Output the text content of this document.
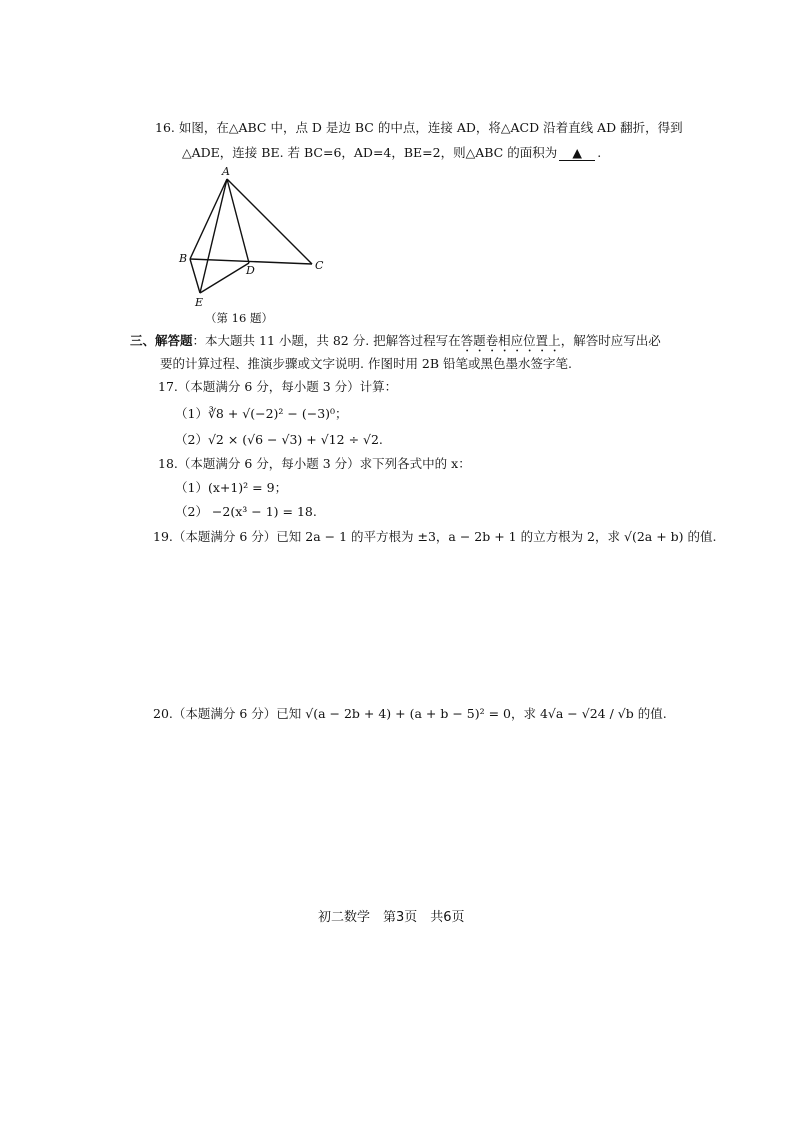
16. 如图，在△ABC 中，点 D 是边 BC 的中点，连接 AD，将△ACD 沿着直线 AD 翻折，得到
△ADE，连接 BE. 若 BC=6，AD=4，BE=2，则△ABC 的面积为 ▲ .
A
B
C
D
E
（第 16 题）
三、解答题：本大题共 11 小题，共 82 分. 把解答过程写在答题卷相应位置上，解答时应写出必
要的计算过程、推演步骤或文字说明. 作图时用 2B 铅笔或黑色墨水签字笔.
17.（本题满分 6 分，每小题 3 分）计算：
（1）∛8 + √(−2)² − (−3)⁰；
（2）√2 × (√6 − √3) + √12 ÷ √2.
18.（本题满分 6 分，每小题 3 分）求下列各式中的 x：
（1）(x+1)² = 9；
（2） −2(x³ − 1) = 18.
19.（本题满分 6 分）已知 2a − 1 的平方根为 ±3，a − 2b + 1 的立方根为 2，求 √(2a + b) 的值.
20.（本题满分 6 分）已知 √(a − 2b + 4) + (a + b − 5)² = 0，求 4√a − √24 / √b 的值.
初二数学　第3页　共6页
